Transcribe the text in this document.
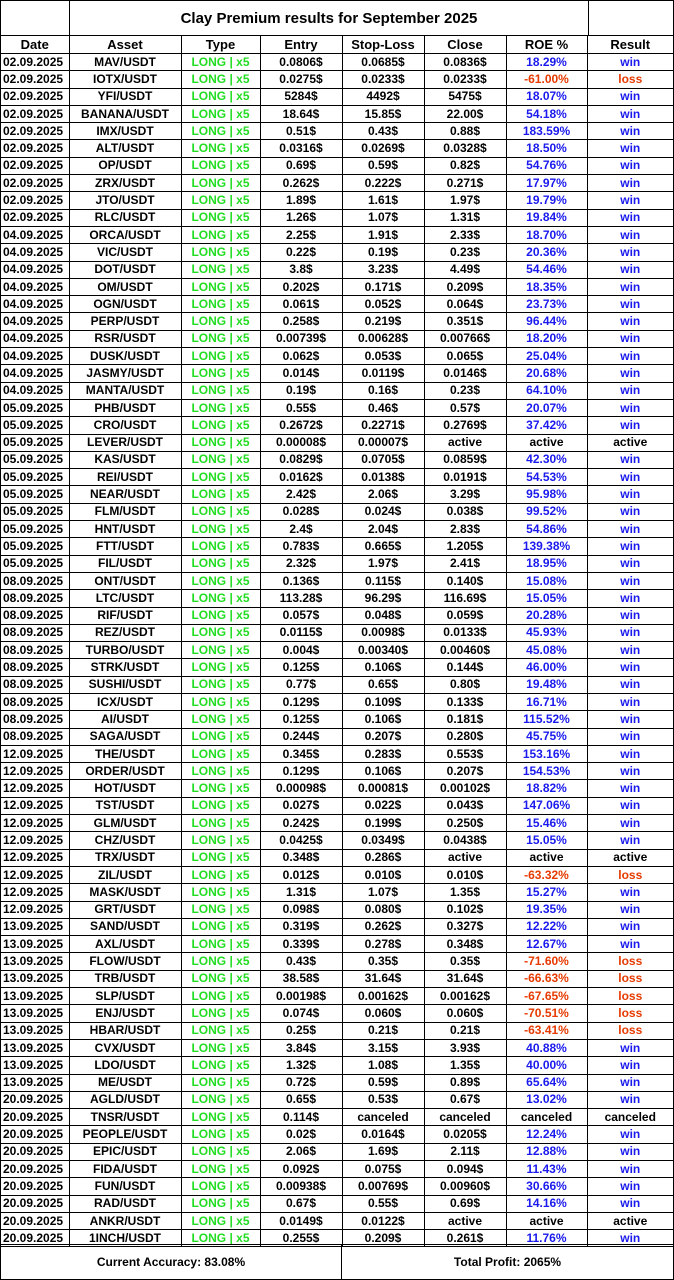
Clay Premium results for September 2025
Date	Asset	Type	Entry	Stop-Loss	Close	ROE %	Result
02.09.2025	MAV/USDT	LONG | x5	0.0806$	0.0685$	0.0836$	18.29%	win
02.09.2025	IOTX/USDT	LONG | x5	0.0275$	0.0233$	0.0233$	-61.00%	loss
02.09.2025	YFI/USDT	LONG | x5	5284$	4492$	5475$	18.07%	win
02.09.2025	BANANA/USDT	LONG | x5	18.64$	15.85$	22.00$	54.18%	win
02.09.2025	IMX/USDT	LONG | x5	0.51$	0.43$	0.88$	183.59%	win
02.09.2025	ALT/USDT	LONG | x5	0.0316$	0.0269$	0.0328$	18.50%	win
02.09.2025	OP/USDT	LONG | x5	0.69$	0.59$	0.82$	54.76%	win
02.09.2025	ZRX/USDT	LONG | x5	0.262$	0.222$	0.271$	17.97%	win
02.09.2025	JTO/USDT	LONG | x5	1.89$	1.61$	1.97$	19.79%	win
02.09.2025	RLC/USDT	LONG | x5	1.26$	1.07$	1.31$	19.84%	win
04.09.2025	ORCA/USDT	LONG | x5	2.25$	1.91$	2.33$	18.70%	win
04.09.2025	VIC/USDT	LONG | x5	0.22$	0.19$	0.23$	20.36%	win
04.09.2025	DOT/USDT	LONG | x5	3.8$	3.23$	4.49$	54.46%	win
04.09.2025	OM/USDT	LONG | x5	0.202$	0.171$	0.209$	18.35%	win
04.09.2025	OGN/USDT	LONG | x5	0.061$	0.052$	0.064$	23.73%	win
04.09.2025	PERP/USDT	LONG | x5	0.258$	0.219$	0.351$	96.44%	win
04.09.2025	RSR/USDT	LONG | x5	0.00739$	0.00628$	0.00766$	18.20%	win
04.09.2025	DUSK/USDT	LONG | x5	0.062$	0.053$	0.065$	25.04%	win
04.09.2025	JASMY/USDT	LONG | x5	0.014$	0.0119$	0.0146$	20.68%	win
04.09.2025	MANTA/USDT	LONG | x5	0.19$	0.16$	0.23$	64.10%	win
05.09.2025	PHB/USDT	LONG | x5	0.55$	0.46$	0.57$	20.07%	win
05.09.2025	CRO/USDT	LONG | x5	0.2672$	0.2271$	0.2769$	37.42%	win
05.09.2025	LEVER/USDT	LONG | x5	0.00008$	0.00007$	active	active	active
05.09.2025	KAS/USDT	LONG | x5	0.0829$	0.0705$	0.0859$	42.30%	win
05.09.2025	REI/USDT	LONG | x5	0.0162$	0.0138$	0.0191$	54.53%	win
05.09.2025	NEAR/USDT	LONG | x5	2.42$	2.06$	3.29$	95.98%	win
05.09.2025	FLM/USDT	LONG | x5	0.028$	0.024$	0.038$	99.52%	win
05.09.2025	HNT/USDT	LONG | x5	2.4$	2.04$	2.83$	54.86%	win
05.09.2025	FTT/USDT	LONG | x5	0.783$	0.665$	1.205$	139.38%	win
05.09.2025	FIL/USDT	LONG | x5	2.32$	1.97$	2.41$	18.95%	win
08.09.2025	ONT/USDT	LONG | x5	0.136$	0.115$	0.140$	15.08%	win
08.09.2025	LTC/USDT	LONG | x5	113.28$	96.29$	116.69$	15.05%	win
08.09.2025	RIF/USDT	LONG | x5	0.057$	0.048$	0.059$	20.28%	win
08.09.2025	REZ/USDT	LONG | x5	0.0115$	0.0098$	0.0133$	45.93%	win
08.09.2025	TURBO/USDT	LONG | x5	0.004$	0.00340$	0.00460$	45.08%	win
08.09.2025	STRK/USDT	LONG | x5	0.125$	0.106$	0.144$	46.00%	win
08.09.2025	SUSHI/USDT	LONG | x5	0.77$	0.65$	0.80$	19.48%	win
08.09.2025	ICX/USDT	LONG | x5	0.129$	0.109$	0.133$	16.71%	win
08.09.2025	AI/USDT	LONG | x5	0.125$	0.106$	0.181$	115.52%	win
08.09.2025	SAGA/USDT	LONG | x5	0.244$	0.207$	0.280$	45.75%	win
12.09.2025	THE/USDT	LONG | x5	0.345$	0.283$	0.553$	153.16%	win
12.09.2025	ORDER/USDT	LONG | x5	0.129$	0.106$	0.207$	154.53%	win
12.09.2025	HOT/USDT	LONG | x5	0.00098$	0.00081$	0.00102$	18.82%	win
12.09.2025	TST/USDT	LONG | x5	0.027$	0.022$	0.043$	147.06%	win
12.09.2025	GLM/USDT	LONG | x5	0.242$	0.199$	0.250$	15.46%	win
12.09.2025	CHZ/USDT	LONG | x5	0.0425$	0.0349$	0.0438$	15.05%	win
12.09.2025	TRX/USDT	LONG | x5	0.348$	0.286$	active	active	active
12.09.2025	ZIL/USDT	LONG | x5	0.012$	0.010$	0.010$	-63.32%	loss
12.09.2025	MASK/USDT	LONG | x5	1.31$	1.07$	1.35$	15.27%	win
12.09.2025	GRT/USDT	LONG | x5	0.098$	0.080$	0.102$	19.35%	win
13.09.2025	SAND/USDT	LONG | x5	0.319$	0.262$	0.327$	12.22%	win
13.09.2025	AXL/USDT	LONG | x5	0.339$	0.278$	0.348$	12.67%	win
13.09.2025	FLOW/USDT	LONG | x5	0.43$	0.35$	0.35$	-71.60%	loss
13.09.2025	TRB/USDT	LONG | x5	38.58$	31.64$	31.64$	-66.63%	loss
13.09.2025	SLP/USDT	LONG | x5	0.00198$	0.00162$	0.00162$	-67.65%	loss
13.09.2025	ENJ/USDT	LONG | x5	0.074$	0.060$	0.060$	-70.51%	loss
13.09.2025	HBAR/USDT	LONG | x5	0.25$	0.21$	0.21$	-63.41%	loss
13.09.2025	CVX/USDT	LONG | x5	3.84$	3.15$	3.93$	40.88%	win
13.09.2025	LDO/USDT	LONG | x5	1.32$	1.08$	1.35$	40.00%	win
13.09.2025	ME/USDT	LONG | x5	0.72$	0.59$	0.89$	65.64%	win
20.09.2025	AGLD/USDT	LONG | x5	0.65$	0.53$	0.67$	13.02%	win
20.09.2025	TNSR/USDT	LONG | x5	0.114$	canceled	canceled	canceled	canceled
20.09.2025	PEOPLE/USDT	LONG | x5	0.02$	0.0164$	0.0205$	12.24%	win
20.09.2025	EPIC/USDT	LONG | x5	2.06$	1.69$	2.11$	12.88%	win
20.09.2025	FIDA/USDT	LONG | x5	0.092$	0.075$	0.094$	11.43%	win
20.09.2025	FUN/USDT	LONG | x5	0.00938$	0.00769$	0.00960$	30.66%	win
20.09.2025	RAD/USDT	LONG | x5	0.67$	0.55$	0.69$	14.16%	win
20.09.2025	ANKR/USDT	LONG | x5	0.0149$	0.0122$	active	active	active
20.09.2025	1INCH/USDT	LONG | x5	0.255$	0.209$	0.261$	11.76%	win
Current Accuracy: 83.08%	Total Profit: 2065%
